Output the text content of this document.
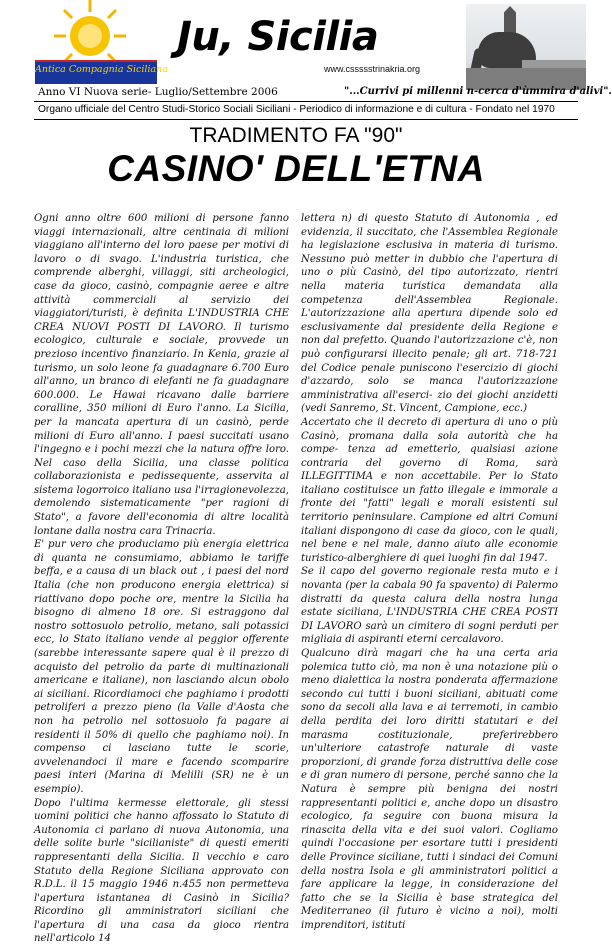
Antica Compagnia Siciliana
Ju, Sicilia
www.cssssstrinakria.org
Anno VI Nuova serie- Luglio/Settembre 2006	"...Currivi pi millenni n-cerca d'ùmmira d'alivi".
Organo ufficiale del Centro Studi-Storico Sociali Siciliani - Periodico di informazione e di cultura - Fondato nel 1970
TRADIMENTO FA "90"
CASINO' DELL'ETNA

Ogni anno oltre 600 milioni di persone fanno viaggi internazionali, altre centinaia di milioni viaggiano all'interno del loro paese per motivi di lavoro o di svago. L'industria turistica, che comprende alberghi, villaggi, siti archeologici, case da gioco, casinò, compagnie aeree e altre attività commerciali al servizio dei viaggiatori/turisti, è definita L'INDUSTRIA CHE CREA NUOVI POSTI DI LAVORO. Il turismo ecologico, culturale e sociale, provvede un prezioso incentivo finanziario. In Kenia, grazie al turismo, un solo leone fa guadagnare 6.700 Euro all'anno, un branco di elefanti ne fa guadagnare 600.000. Le Hawai ricavano dalle barriere coralline, 350 milioni di Euro l'anno. La Sicilia, per la mancata apertura di un casinò, perde milioni di Euro all'anno. I paesi succitati usano l'ingegno e i pochi mezzi che la natura offre loro. Nel caso della Sicilia, una classe politica collaborazionista e pedissequente, asservita al sistema logorroico italiano usa l'irragionevolezza, demolendo sistematicamente "per ragioni di Stato", a favore dell'economia di altre località lontane dalla nostra cara Trinacria.

E' pur vero che produciamo più energia elettrica di quanta ne consumiamo, abbiamo le tariffe beffa, e a causa di un black out , i paesi del nord Italia (che non producono energia elettrica) si riattivano dopo poche ore, mentre la Sicilia ha bisogno di almeno 18 ore. Si estraggono dal nostro sottosuolo petrolio, metano, sali potassici ecc, lo Stato italiano vende al peggior offerente (sarebbe interessante sapere qual è il prezzo di acquisto del petrolio da parte di multinazionali americane e italiane), non lasciando alcun obolo ai siciliani. Ricordiamoci che paghiamo i prodotti petroliferi a prezzo pieno (la Valle d'Aosta che non ha petrolio nel sottosuolo fa pagare ai residenti il 50% di quello che paghiamo noi). In compenso ci lasciano tutte le scorie, avvelenandoci il mare e facendo scomparire paesi interi (Marina di Melilli (SR) ne è un esempio).

Dopo l'ultima kermesse elettorale, gli stessi uomini politici che hanno affossato lo Statuto di Autonomia ci parlano di nuova Autonomia, una delle solite burle "sicilianiste" di questi emeriti rappresentanti della Sicilia. Il vecchio e caro Statuto della Regione Siciliana approvato con R.D.L. il 15 maggio 1946 n.455 non permetteva l'apertura istantanea di Casinò in Sicilia? Ricordino gli amministratori siciliani che l'apertura di una casa da gioco rientra nell'articolo 14

lettera n) di questo Statuto di Autonomia , ed evidenzia, il succitato, che l'Assemblea Regionale ha legislazione esclusiva in materia di turismo. Nessuno può metter in dubbio che l'apertura di uno o più Casinò, del tipo autorizzato, rientri nella materia turistica demandata alla competenza dell'Assemblea Regionale. L'autorizzazione alla apertura dipende solo ed esclusivamente dal presidente della Regione e non dal prefetto. Quando l'autorizzazione c'è, non può configurarsi illecito penale; gli art. 718-721 del Codice penale puniscono l'esercizio di giochi d'azzardo, solo se manca l'autorizzazione amministrativa all'eserci- zio dei giochi anzidetti (vedi Sanremo, St. Vincent, Campione, ecc.)

Accertato che il decreto di apertura di uno o più Casinò, promana dalla sola autorità che ha compe- tenza ad emetterlo, qualsiasi azione contraria del governo di Roma, sarà ILLEGITTIMA e non accettabile. Per lo Stato italiano costituisce un fatto illegale e immorale a fronte dei "fatti" legali e morali esistenti sul territorio peninsulare. Campione ed altri Comuni italiani dispongono di case da gioco, con le quali, nel bene e nel male, danno aiuto alle economie turistico-alberghiere di quei luoghi fin dal 1947.

Se il capo del governo regionale resta muto e i novanta (per la cabala 90 fa spavento) di Palermo distratti da questa calura della nostra lunga estate siciliana, L'INDUSTRIA CHE CREA POSTI DI LAVORO sarà un cimitero di sogni perduti per migliaia di aspiranti eterni cercalavoro.

Qualcuno dirà magari che ha una certa aria polemica tutto ciò, ma non è una notazione più o meno dialettica la nostra ponderata affermazione secondo cui tutti i buoni siciliani, abituati come sono da secoli alla lava e ai terremoti, in cambio della perdita dei loro diritti statutari e del marasma costituzionale, preferirebbero un'ulteriore catastrofe naturale di vaste proporzioni, di grande forza distruttiva delle cose e di gran numero di persone, perché sanno che la Natura è sempre più benigna dei nostri rappresentanti politici e, anche dopo un disastro ecologico, fa seguire con buona misura la rinascita della vita e dei suoi valori. Cogliamo quindi l'occasione per esortare tutti i presidenti delle Province siciliane, tutti i sindaci dei Comuni della nostra Isola e gli amministratori politici a fare applicare la legge, in considerazione del fatto che se la Sicilia è base strategica del Mediterraneo (il futuro è vicino a noi), molti imprenditori, istituti
